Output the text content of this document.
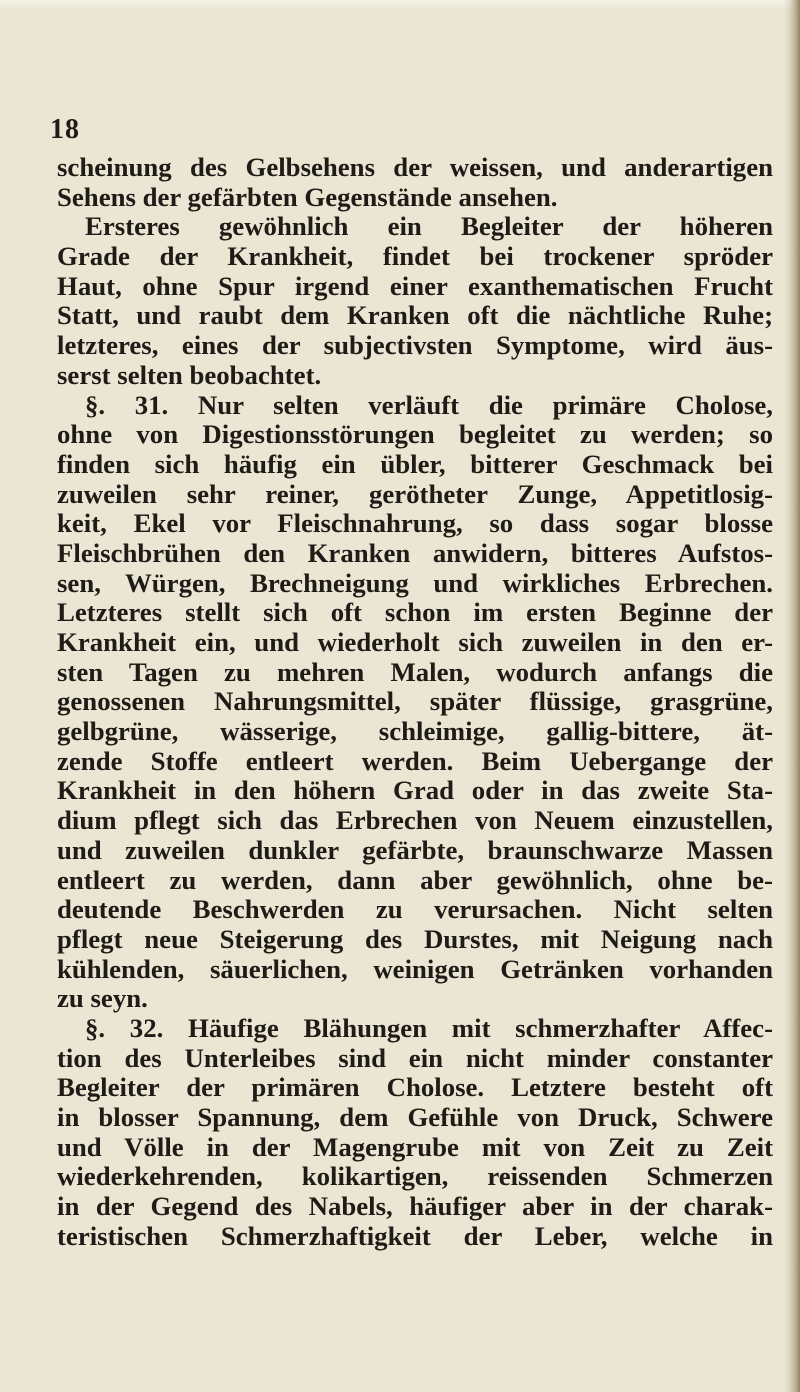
18
scheinung des Gelbsehens der weissen, und anderartigen
Sehens der gefärbten Gegenstände ansehen.
Ersteres gewöhnlich ein Begleiter der höheren
Grade der Krankheit, findet bei trockener spröder
Haut, ohne Spur irgend einer exanthematischen Frucht
Statt, und raubt dem Kranken oft die nächtliche Ruhe;
letzteres, eines der subjectivsten Symptome, wird äus-
serst selten beobachtet.
§. 31. Nur selten verläuft die primäre Cholose,
ohne von Digestionsstörungen begleitet zu werden; so
finden sich häufig ein übler, bitterer Geschmack bei
zuweilen sehr reiner, gerötheter Zunge, Appetitlosig-
keit, Ekel vor Fleischnahrung, so dass sogar blosse
Fleischbrühen den Kranken anwidern, bitteres Aufstos-
sen, Würgen, Brechneigung und wirkliches Erbrechen.
Letzteres stellt sich oft schon im ersten Beginne der
Krankheit ein, und wiederholt sich zuweilen in den er-
sten Tagen zu mehren Malen, wodurch anfangs die
genossenen Nahrungsmittel, später flüssige, grasgrüne,
gelbgrüne, wässerige, schleimige, gallig-bittere, ät-
zende Stoffe entleert werden. Beim Uebergange der
Krankheit in den höhern Grad oder in das zweite Sta-
dium pflegt sich das Erbrechen von Neuem einzustellen,
und zuweilen dunkler gefärbte, braunschwarze Massen
entleert zu werden, dann aber gewöhnlich, ohne be-
deutende Beschwerden zu verursachen. Nicht selten
pflegt neue Steigerung des Durstes, mit Neigung nach
kühlenden, säuerlichen, weinigen Getränken vorhanden
zu seyn.
§. 32. Häufige Blähungen mit schmerzhafter Affec-
tion des Unterleibes sind ein nicht minder constanter
Begleiter der primären Cholose. Letztere besteht oft
in blosser Spannung, dem Gefühle von Druck, Schwere
und Völle in der Magengrube mit von Zeit zu Zeit
wiederkehrenden, kolikartigen, reissenden Schmerzen
in der Gegend des Nabels, häufiger aber in der charak-
teristischen Schmerzhaftigkeit der Leber, welche in
